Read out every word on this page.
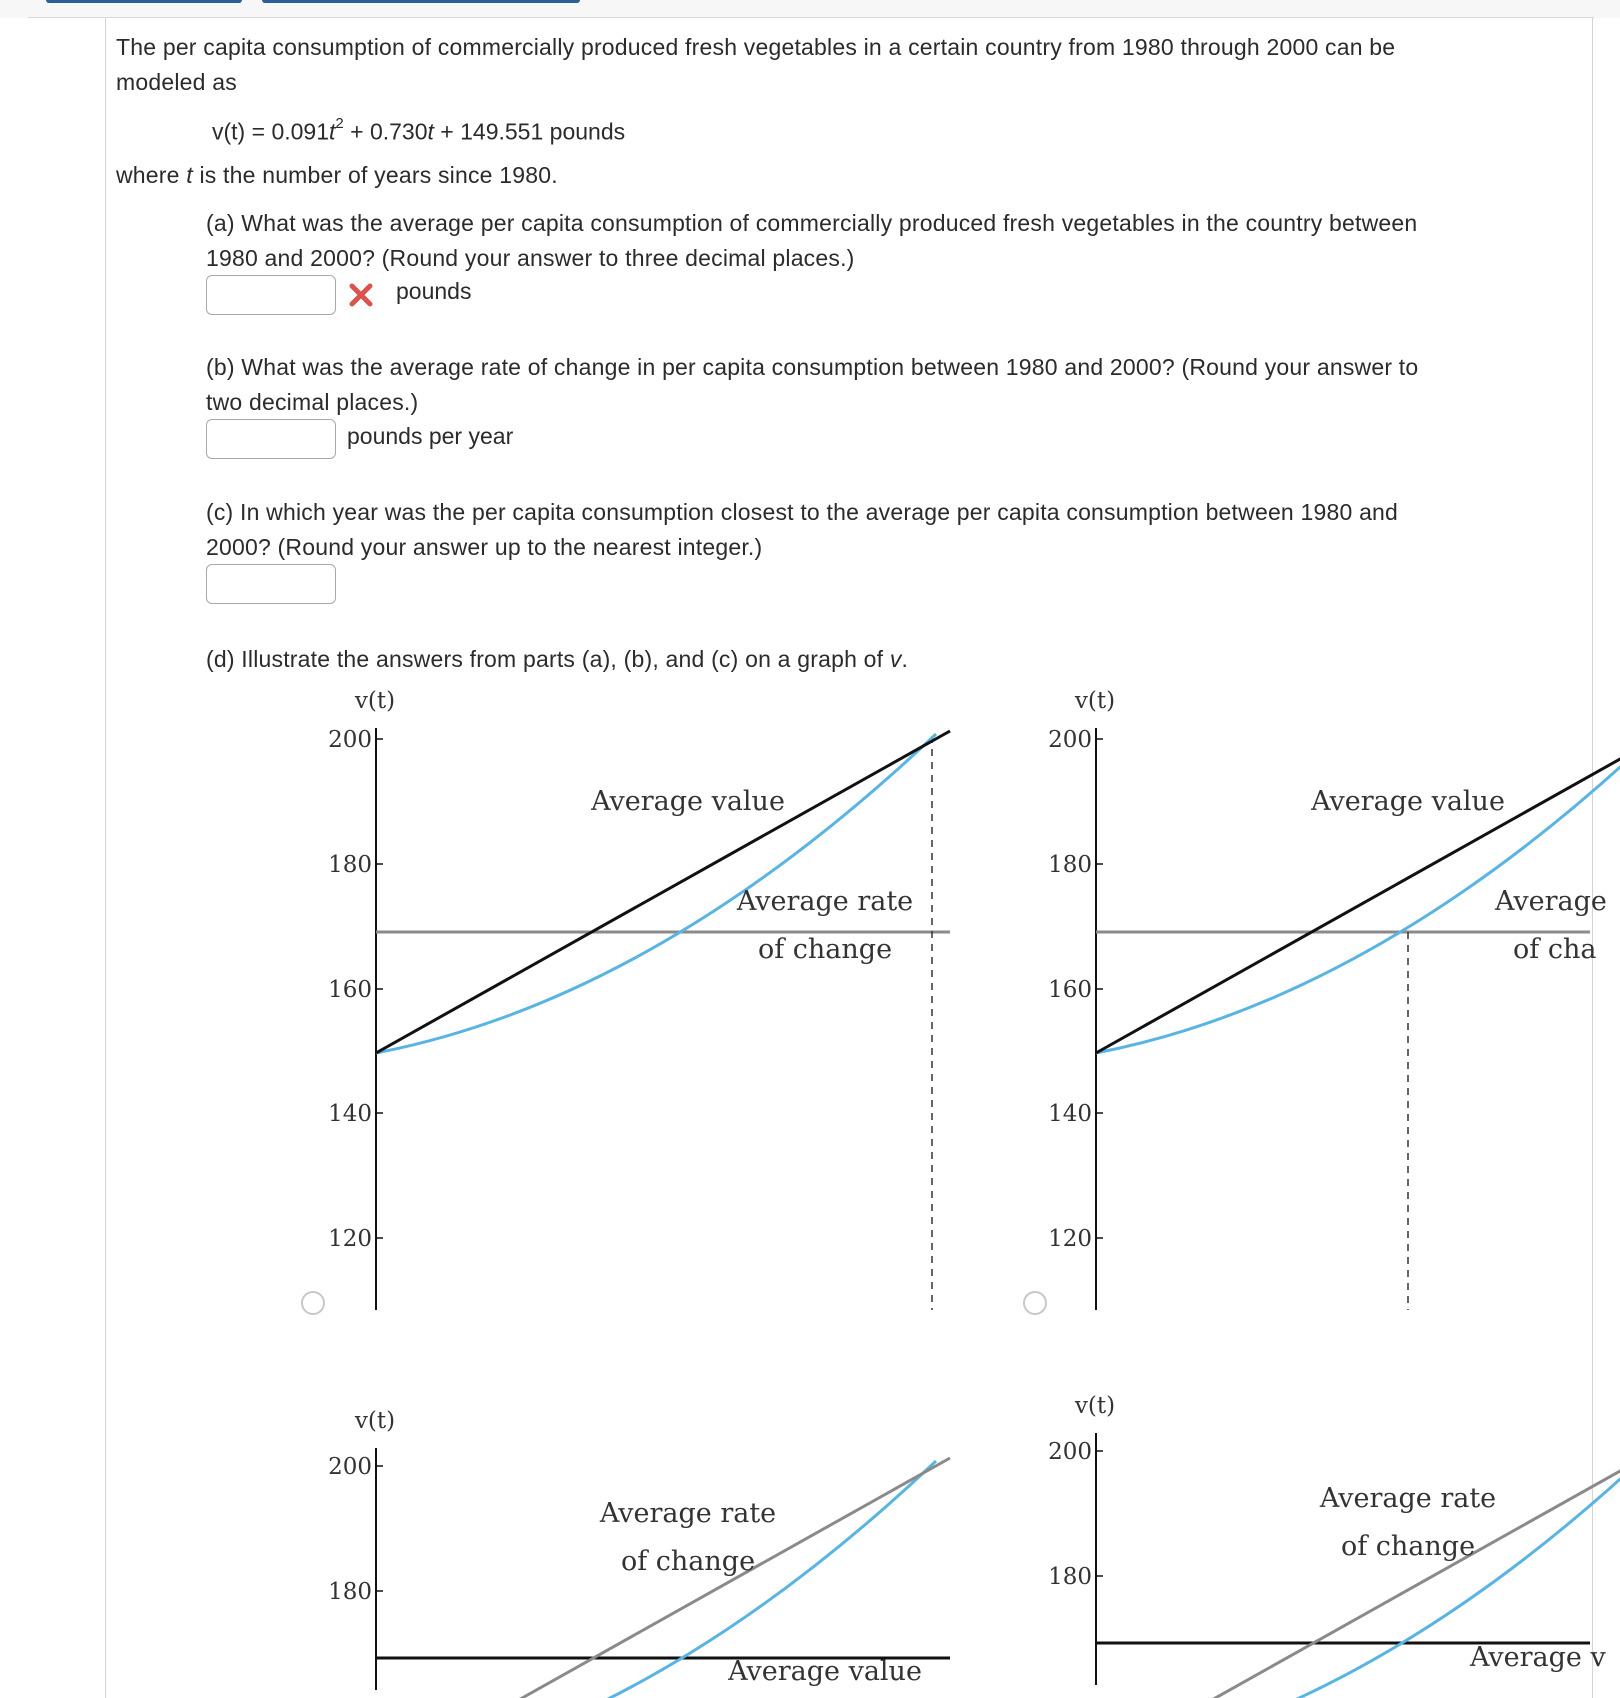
The per capita consumption of commercially produced fresh vegetables in a certain country from 1980 through 2000 can be
modeled as
$v(t) = 0.091t^2 + 0.730t + 149.551$ pounds
where t is the number of years since 1980.
(a) What was the average per capita consumption of commercially produced fresh vegetables in the country between
1980 and 2000? (Round your answer to three decimal places.)
pounds
(b) What was the average rate of change in per capita consumption between 1980 and 2000? (Round your answer to
two decimal places.)
pounds per year
(c) In which year was the per capita consumption closest to the average per capita consumption between 1980 and
2000? (Round your answer up to the nearest integer.)
(d) Illustrate the answers from parts (a), (b), and (c) on a graph of v.
v(t)
200
180
160
140
120
Average value
Average rate
of change
v(t)
200
180
160
140
120
Average value
Average
of cha
v(t)
200
180
Average rate
of change
Average value
v(t)
200
180
Average rate
of change
Average v
